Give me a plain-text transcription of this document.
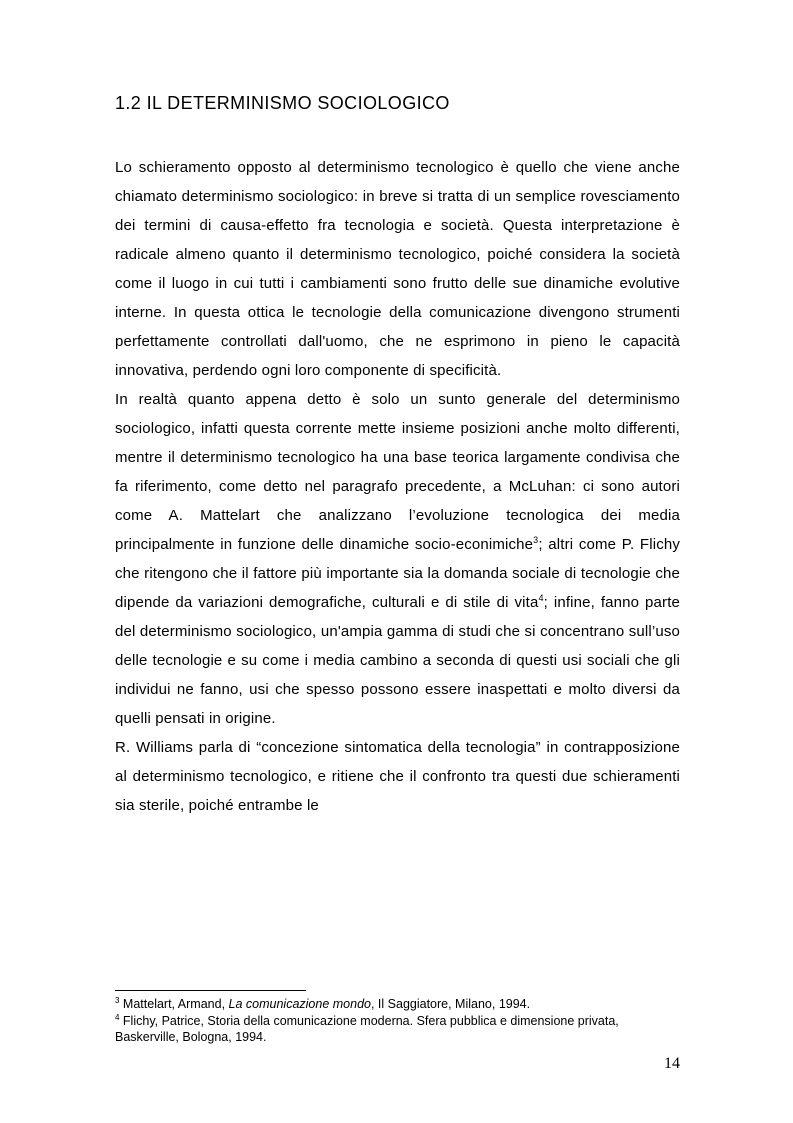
1.2 IL DETERMINISMO SOCIOLOGICO

Lo schieramento opposto al determinismo tecnologico è quello che viene anche chiamato determinismo sociologico: in breve si tratta di un semplice rovesciamento dei termini di causa-effetto fra tecnologia e società. Questa interpretazione è radicale almeno quanto il determinismo tecnologico, poiché considera la società come il luogo in cui tutti i cambiamenti sono frutto delle sue dinamiche evolutive interne. In questa ottica le tecnologie della comunicazione divengono strumenti perfettamente controllati dall'uomo, che ne esprimono in pieno le capacità innovativa, perdendo ogni loro componente di specificità.

In realtà quanto appena detto è solo un sunto generale del determinismo sociologico, infatti questa corrente mette insieme posizioni anche molto differenti, mentre il determinismo tecnologico ha una base teorica largamente condivisa che fa riferimento, come detto nel paragrafo precedente, a McLuhan: ci sono autori come A. Mattelart che analizzano l’evoluzione tecnologica dei media principalmente in funzione delle dinamiche socio-econimiche$^3$; altri come P. Flichy che ritengono che il fattore più importante sia la domanda sociale di tecnologie che dipende da variazioni demografiche, culturali e di stile di vita$^4$; infine, fanno parte del determinismo sociologico, un'ampia gamma di studi che si concentrano sull’uso delle tecnologie e su come i media cambino a seconda di questi usi sociali che gli individui ne fanno, usi che spesso possono essere inaspettati e molto diversi da quelli pensati in origine.

R. Williams parla di “concezione sintomatica della tecnologia” in contrapposizione al determinismo tecnologico, e ritiene che il confronto tra questi due schieramenti sia sterile, poiché entrambe le

$^3$ Mattelart, Armand, La comunicazione mondo, Il Saggiatore, Milano, 1994.

$^4$ Flichy, Patrice, Storia della comunicazione moderna. Sfera pubblica e dimensione privata, Baskerville, Bologna, 1994.

14
